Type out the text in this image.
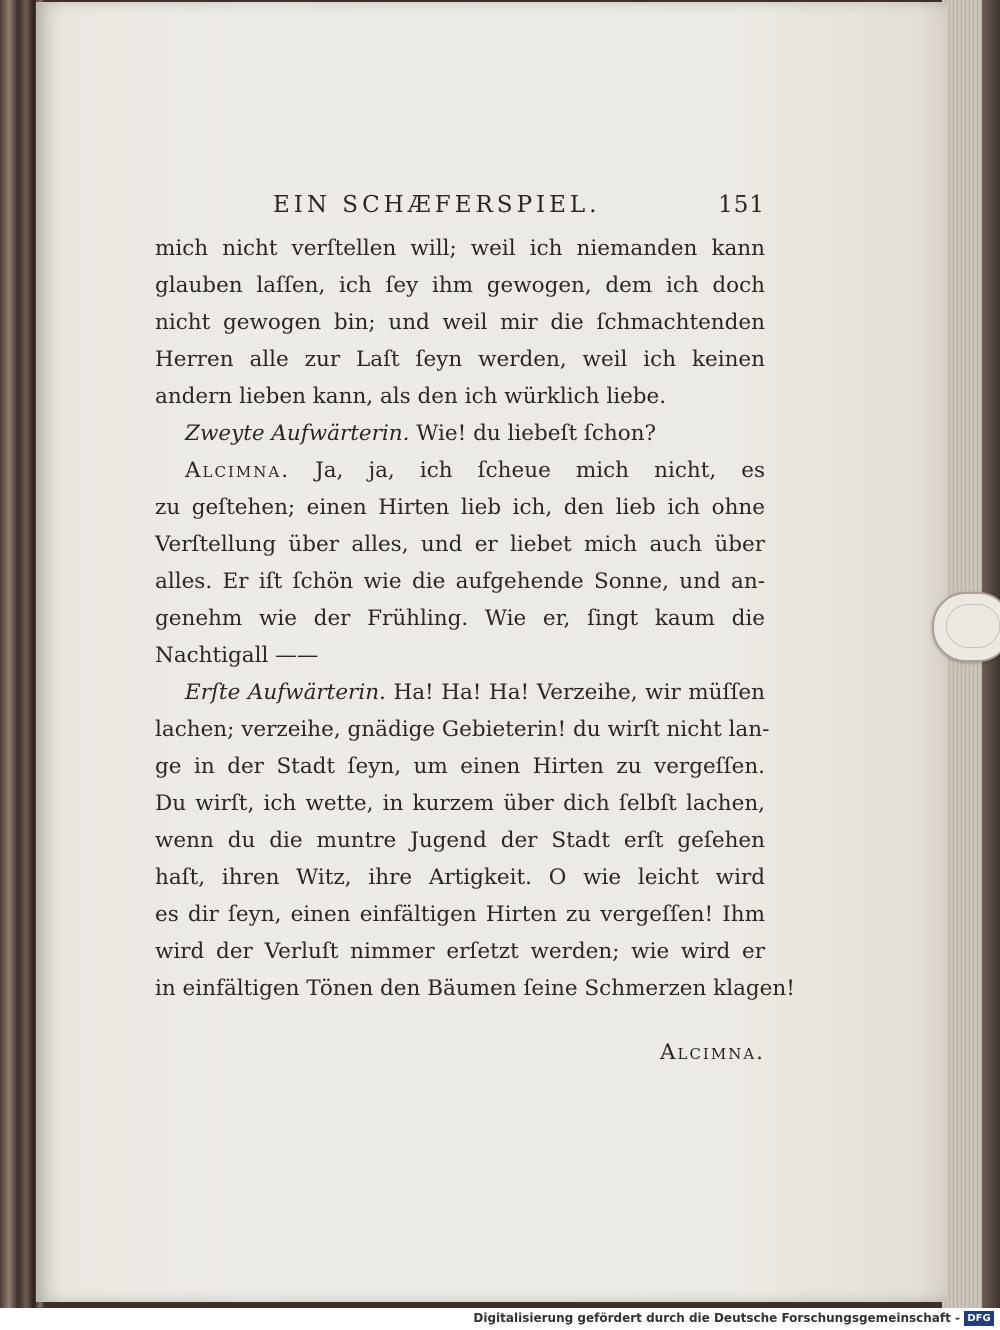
EIN SCHÆFERSPIEL.	151
mich nicht verſtellen will; weil ich niemanden kann
glauben laſſen, ich ſey ihm gewogen, dem ich doch
nicht gewogen bin; und weil mir die ſchmachtenden
Herren alle zur Laſt ſeyn werden, weil ich keinen
andern lieben kann, als den ich würklich liebe.
Zweyte Aufwärterin. Wie! du liebeſt ſchon?
Alcimna. Ja, ja, ich ſcheue mich nicht, es
zu geſtehen; einen Hirten lieb ich, den lieb ich ohne
Verſtellung über alles, und er liebet mich auch über
alles. Er iſt ſchön wie die aufgehende Sonne, und an-
genehm wie der Frühling. Wie er, ſingt kaum die
Nachtigall ——
Erſte Aufwärterin. Ha! Ha! Ha! Verzeihe, wir müſſen
lachen; verzeihe, gnädige Gebieterin! du wirſt nicht lan-
ge in der Stadt ſeyn, um einen Hirten zu vergeſſen.
Du wirſt, ich wette, in kurzem über dich ſelbſt lachen,
wenn du die muntre Jugend der Stadt erſt geſehen
haſt, ihren Witz, ihre Artigkeit. O wie leicht wird
es dir ſeyn, einen einfältigen Hirten zu vergeſſen! Ihm
wird der Verluſt nimmer erſetzt werden; wie wird er
in einfältigen Tönen den Bäumen ſeine Schmerzen klagen!
Alcimna.
Digitalisierung gefördert durch die Deutsche Forschungsgemeinschaft - DFG
